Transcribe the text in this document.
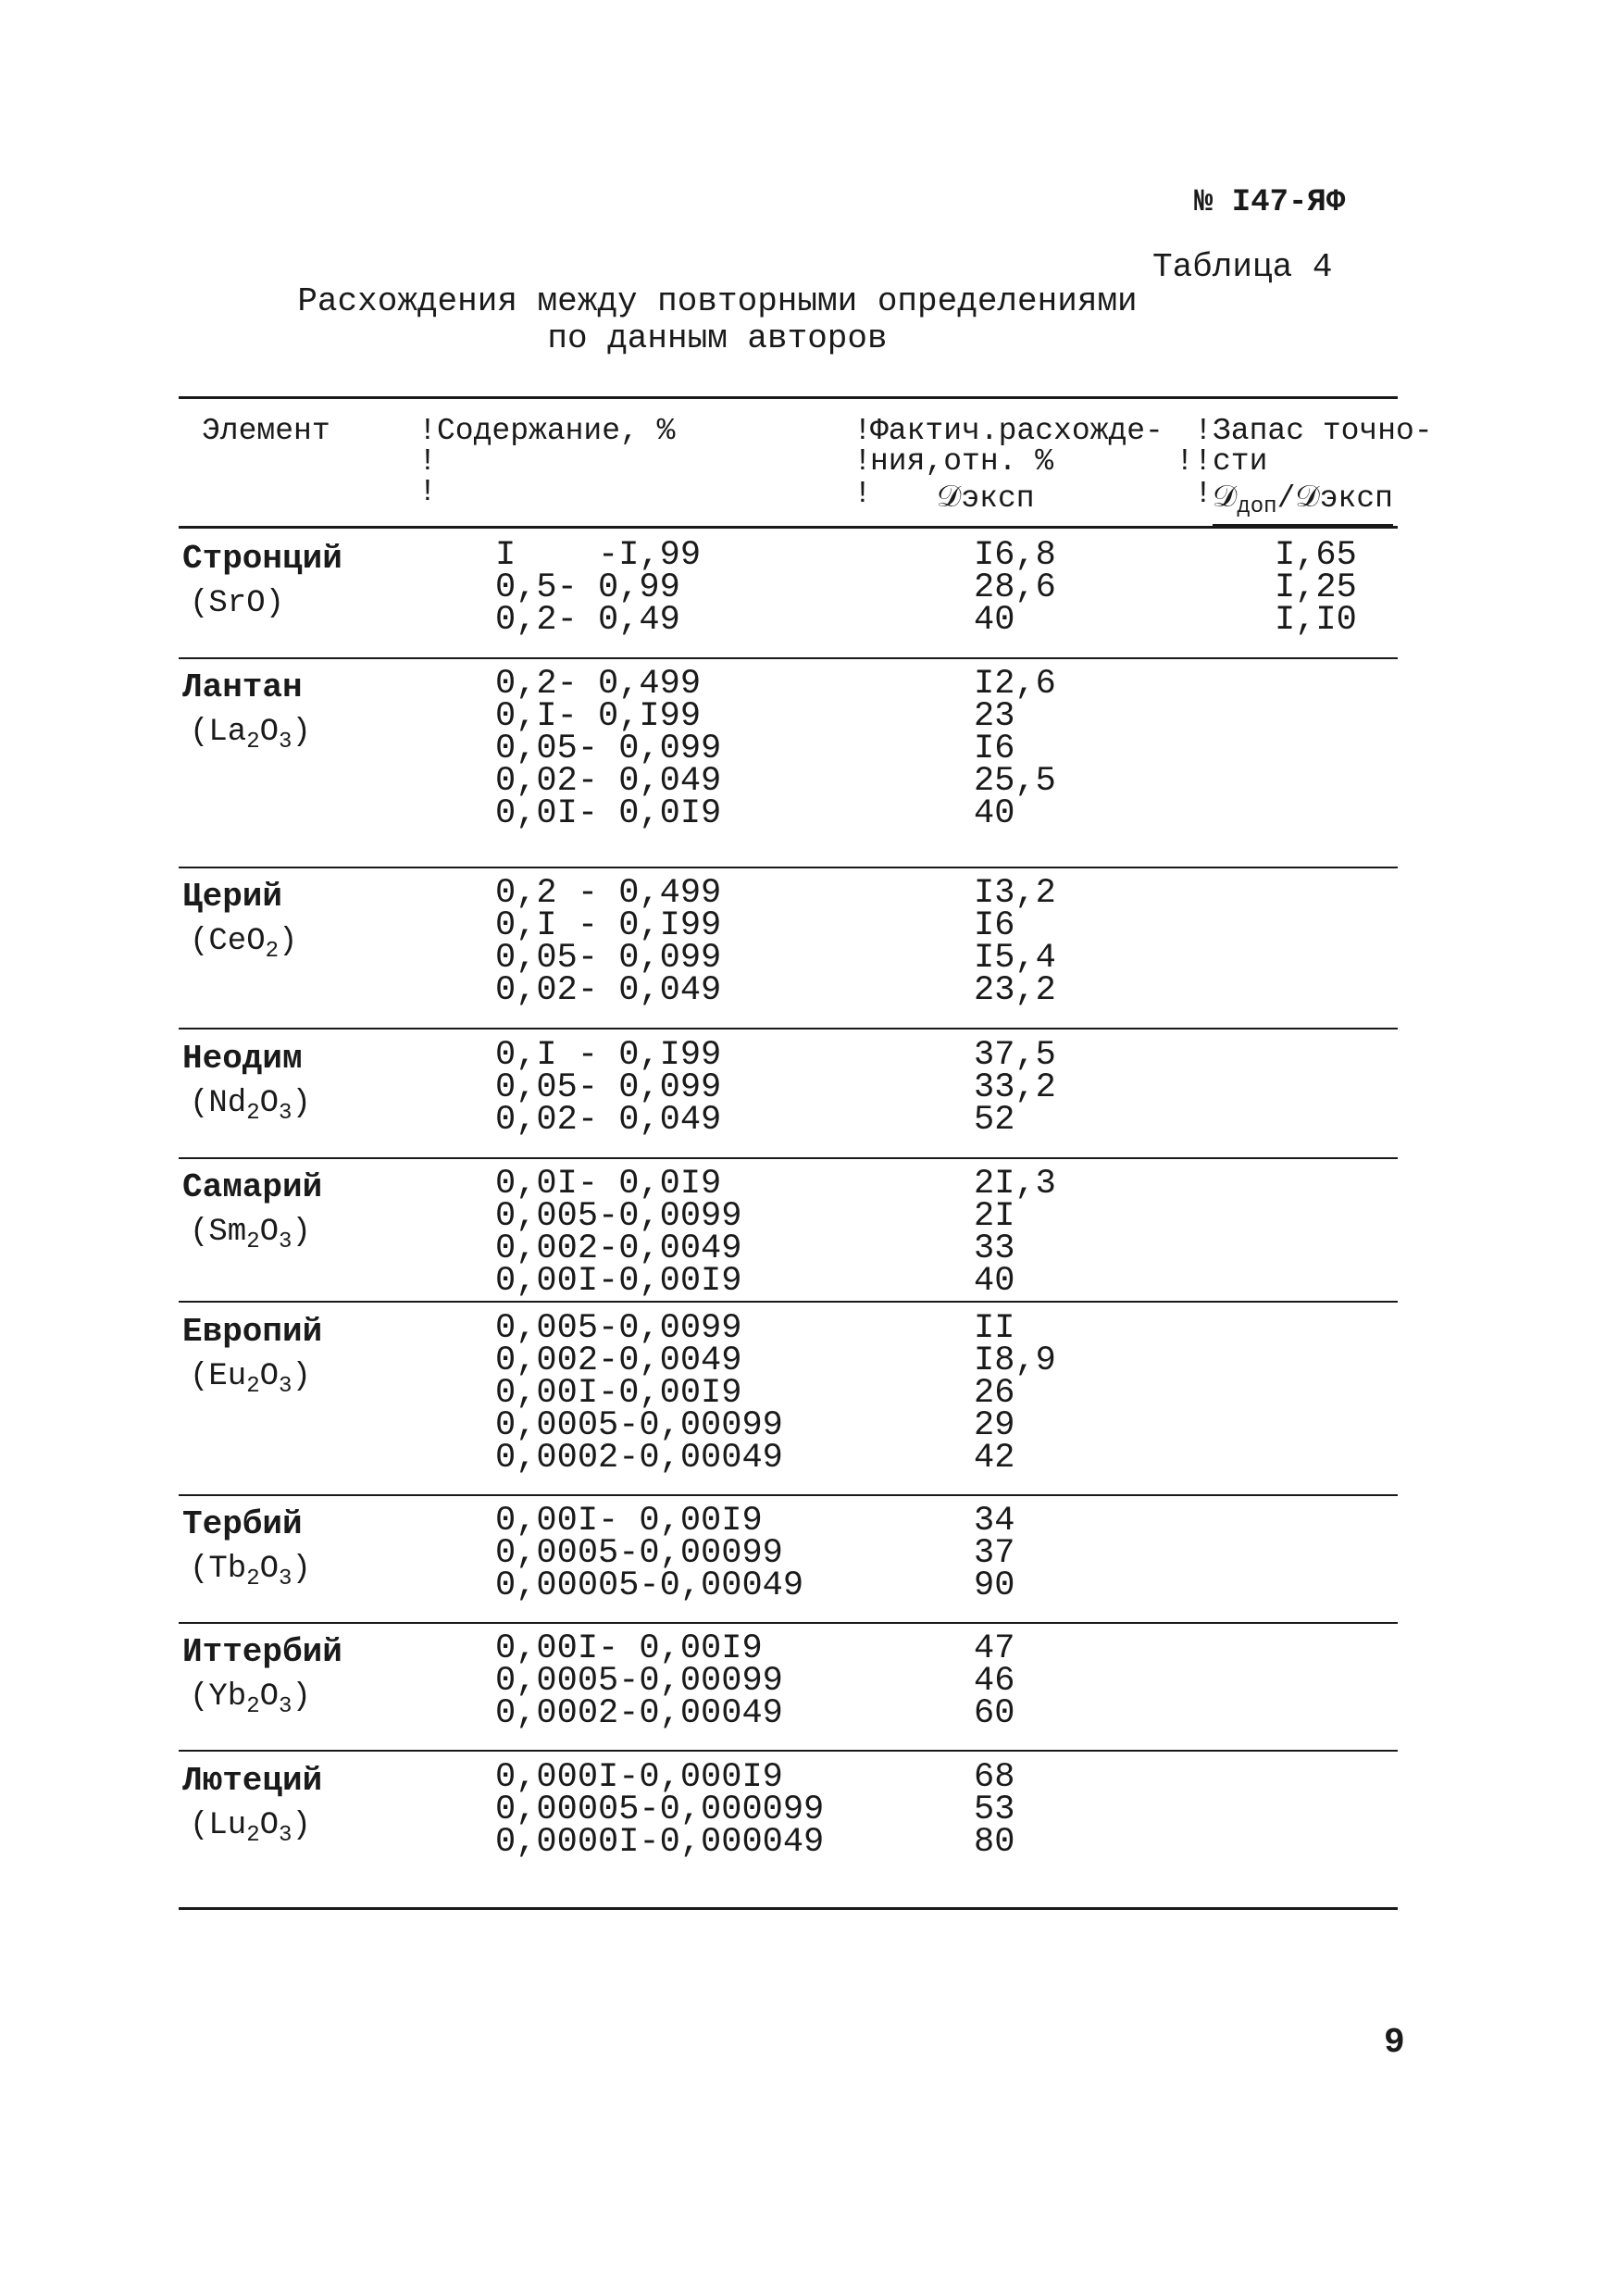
№ I47-ЯФ
Таблица 4
Расхождения между повторными определениями
по данным авторов
Элемент	!
!
!
Содержание, %	!
!
!
Фактич.расхожде-
ния,отн. %
𝒟эксп
!!
!
!
Запас точно-
сти
𝒟доп/𝒟эксп
Стронций
(SrO)
I    -I,99
0,5- 0,99
0,2- 0,49
I6,8
28,6
40
I,65
I,25
I,I0
Лантан
$(La_2O_3)$
0,2- 0,499
0,I- 0,I99
0,05- 0,099
0,02- 0,049
0,0I- 0,0I9
I2,6
23
I6
25,5
40
Церий
(CeO$_2$)
0,2 - 0,499
0,I - 0,I99
0,05- 0,099
0,02- 0,049
I3,2
I6
I5,4
23,2
Неодим
$(Nd_2O_3)$
0,I - 0,I99
0,05- 0,099
0,02- 0,049
37,5
33,2
52
Самарий
$(Sm_2O_3)$
0,0I- 0,0I9
0,005-0,0099
0,002-0,0049
0,00I-0,00I9
2I,3
2I
33
40
Европий
$(Eu_2O_3)$
0,005-0,0099
0,002-0,0049
0,00I-0,00I9
0,0005-0,00099
0,0002-0,00049
II
I8,9
26
29
42
Тербий
$(Tb_2O_3)$
0,00I- 0,00I9
0,0005-0,00099
0,00005-0,00049
34
37
90
Иттербий
$(Yb_2O_3)$
0,00I- 0,00I9
0,0005-0,00099
0,0002-0,00049
47
46
60
Лютеций
$(Lu_2O_3)$
0,000I-0,000I9
0,00005-0,000099
0,0000I-0,000049
68
53
80
9
